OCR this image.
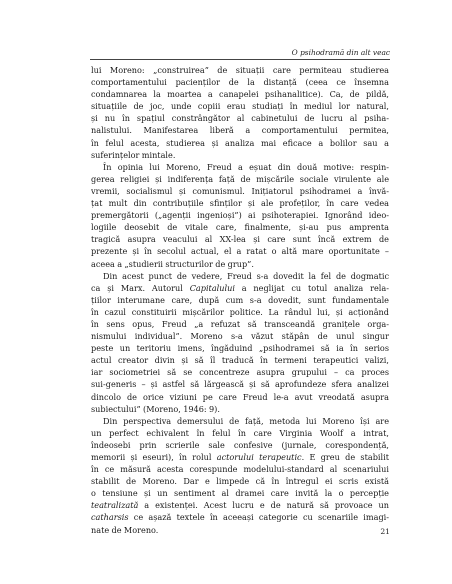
O psihodramă din alt veac
lui Moreno: „construirea” de situații care permiteau studierea
comportamentului pacienților de la distanță (ceea ce însemna
condamnarea la moartea a canapelei psihanalitice). Ca, de pildă,
situațiile de joc, unde copiii erau studiați în mediul lor natural,
și nu în spațiul constrângător al cabinetului de lucru al psiha-
nalistului. Manifestarea liberă a comportamentului permitea,
în felul acesta, studierea și analiza mai eficace a bolilor sau a
suferințelor mintale.
În opinia lui Moreno, Freud a eșuat din două motive: respin-
gerea religiei și indiferența față de mișcările sociale virulente ale
vremii, socialismul și comunismul. Inițiatorul psihodramei a învă-
țat mult din contribuțiile sfinților și ale profeților, în care vedea
premergătorii („agenții ingenioși”) ai psihoterapiei. Ignorând ideo-
logiile deosebit de vitale care, finalmente, și-au pus amprenta
tragică asupra veacului al XX-lea și care sunt încă extrem de
prezente și în secolul actual, el a ratat o altă mare oportunitate –
aceea a „studierii structurilor de grup”.
Din acest punct de vedere, Freud s-a dovedit la fel de dogmatic
ca și Marx. Autorul Capitalului a neglijat cu totul analiza rela-
țiilor interumane care, după cum s-a dovedit, sunt fundamentale
în cazul constituirii mișcărilor politice. La rândul lui, și acționând
în sens opus, Freud „a refuzat să transceandă granițele orga-
nismului individual”. Moreno s-a văzut stăpân de unul singur
peste un teritoriu imens, îngăduind „psihodramei să ia în serios
actul creator divin și să îl traducă în termeni terapeutici valizi,
iar sociometriei să se concentreze asupra grupului – ca proces
sui-generis – și astfel să lărgească și să aprofundeze sfera analizei
dincolo de orice viziuni pe care Freud le-a avut vreodată asupra
subiectului” (Moreno, 1946: 9).
Din perspectiva demersului de față, metoda lui Moreno își are
un perfect echivalent în felul în care Virginia Woolf a intrat,
îndeosebi prin scrierile sale confesive (jurnale, corespondență,
memorii și eseuri), în rolul actorului terapeutic. E greu de stabilit
în ce măsură acesta corespunde modelului-standard al scenariului
stabilit de Moreno. Dar e limpede că în întregul ei scris există
o tensiune și un sentiment al dramei care invită la o percepție
teatralizată a existenței. Acest lucru e de natură să provoace un
catharsis ce așază textele în aceeași categorie cu scenariile imagi-
nate de Moreno.	21
